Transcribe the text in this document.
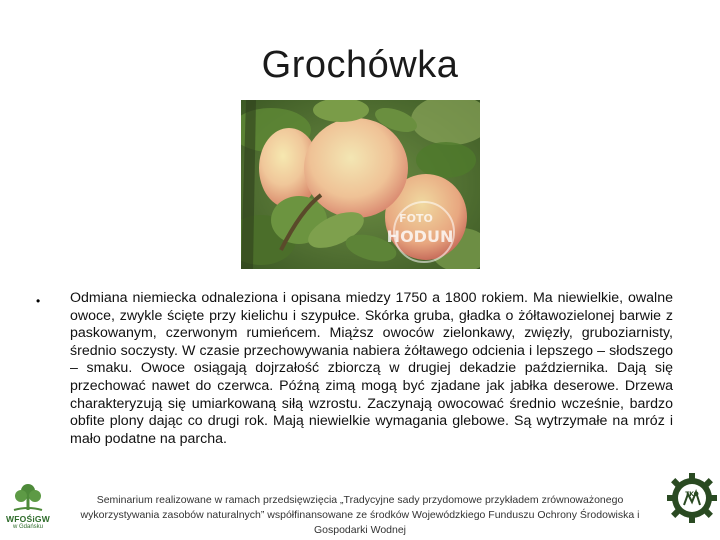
Grochówka
FOTO
HODUN
• Odmiana niemiecka odnaleziona i opisana miedzy 1750 a 1800 rokiem. Ma niewielkie, owalne owoce, zwykle ścięte przy kielichu i szypułce. Skórka gruba, gładka o żółtawozielonej barwie z paskowanym, czerwonym rumieńcem. Miąższ owoców zielonkawy, zwięzły, gruboziarnisty, średnio soczysty. W czasie przechowywania nabiera żółtawego odcienia i lepszego – słodszego – smaku. Owoce osiągają dojrzałość zbiorczą w drugiej dekadzie października. Dają się przechować nawet do czerwca. Późną zimą mogą być zjadane jak jabłka deserowe. Drzewa charakteryzują się umiarkowaną siłą wzrostu. Zaczynają owocować średnio wcześnie, bardzo obfite plony dając co drugi rok. Mają niewielkie wymagania glebowe. Są wytrzymałe na mróz i mało podatne na parcha.
Seminarium realizowane w ramach przedsięwzięcia „Tradycyjne sady przydomowe przykładem zrównoważonego wykorzystywania zasobów naturalnych” współfinansowane ze środków Wojewódzkiego Funduszu Ochrony Środowiska i Gospodarki Wodnej
WFOŚiGW
w Gdańsku
TKO
